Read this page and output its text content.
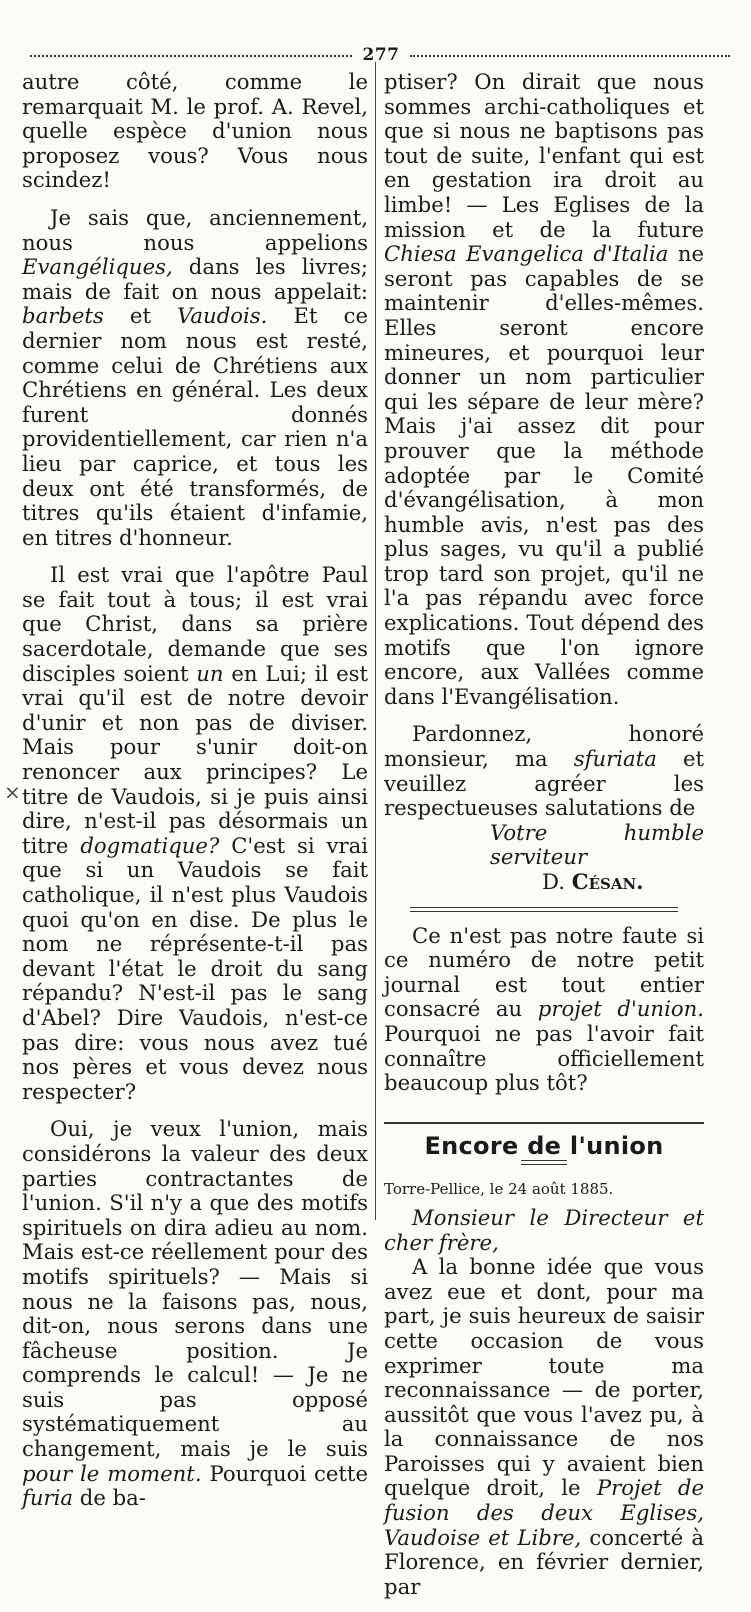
277
×

autre côté, comme le remarquait M. le prof. A. Revel, quelle espèce d'union nous proposez vous? Vous nous scindez!

Je sais que, anciennement, nous nous appelions Evangéliques, dans les livres; mais de fait on nous appelait: barbets et Vaudois. Et ce dernier nom nous est resté, comme celui de Chrétiens aux Chrétiens en général. Les deux furent donnés providentiellement, car rien n'a lieu par caprice, et tous les deux ont été transformés, de titres qu'ils étaient d'infamie, en titres d'honneur.

Il est vrai que l'apôtre Paul se fait tout à tous; il est vrai que Christ, dans sa prière sacerdotale, demande que ses disciples soient un en Lui; il est vrai qu'il est de notre devoir d'unir et non pas de diviser. Mais pour s'unir doit-on renoncer aux principes? Le titre de Vaudois, si je puis ainsi dire, n'est-il pas désormais un titre dogmatique? C'est si vrai que si un Vaudois se fait catholique, il n'est plus Vaudois quoi qu'on en dise. De plus le nom ne réprésente-t-il pas devant l'état le droit du sang répandu? N'est-il pas le sang d'Abel? Dire Vaudois, n'est-ce pas dire: vous nous avez tué nos pères et vous devez nous respecter?

Oui, je veux l'union, mais considérons la valeur des deux parties contractantes de l'union. S'il n'y a que des motifs spirituels on dira adieu au nom. Mais est-ce réellement pour des motifs spirituels? — Mais si nous ne la faisons pas, nous, dit-on, nous serons dans une fâcheuse position. Je comprends le calcul! — Je ne suis pas opposé systématiquement au changement, mais je le suis pour le moment. Pourquoi cette furia de ba-

ptiser? On dirait que nous sommes archi-catholiques et que si nous ne baptisons pas tout de suite, l'enfant qui est en gestation ira droit au limbe! — Les Eglises de la mission et de la future Chiesa Evangelica d'Italia ne seront pas capables de se maintenir d'elles-mêmes. Elles seront encore mineures, et pourquoi leur donner un nom particulier qui les sépare de leur mère? Mais j'ai assez dit pour prouver que la méthode adoptée par le Comité d'évangélisation, à mon humble avis, n'est pas des plus sages, vu qu'il a publié trop tard son projet, qu'il ne l'a pas répandu avec force explications. Tout dépend des motifs que l'on ignore encore, aux Vallées comme dans l'Evangélisation.

Pardonnez, honoré monsieur, ma sfuriata et veuillez agréer les respectueuses salutations de

Votre humble serviteur

D. Césan.

Ce n'est pas notre faute si ce numéro de notre petit journal est tout entier consacré au projet d'union. Pourquoi ne pas l'avoir fait connaître officiellement beaucoup plus tôt?

Encore de l'union

Torre-Pellice, le 24 août 1885.

Monsieur le Directeur et cher frère,

A la bonne idée que vous avez eue et dont, pour ma part, je suis heureux de saisir cette occasion de vous exprimer toute ma reconnaissance — de porter, aussitôt que vous l'avez pu, à la connaissance de nos Paroisses qui y avaient bien quelque droit, le Projet de fusion des deux Eglises, Vaudoise et Libre, concerté à Florence, en février dernier, par
